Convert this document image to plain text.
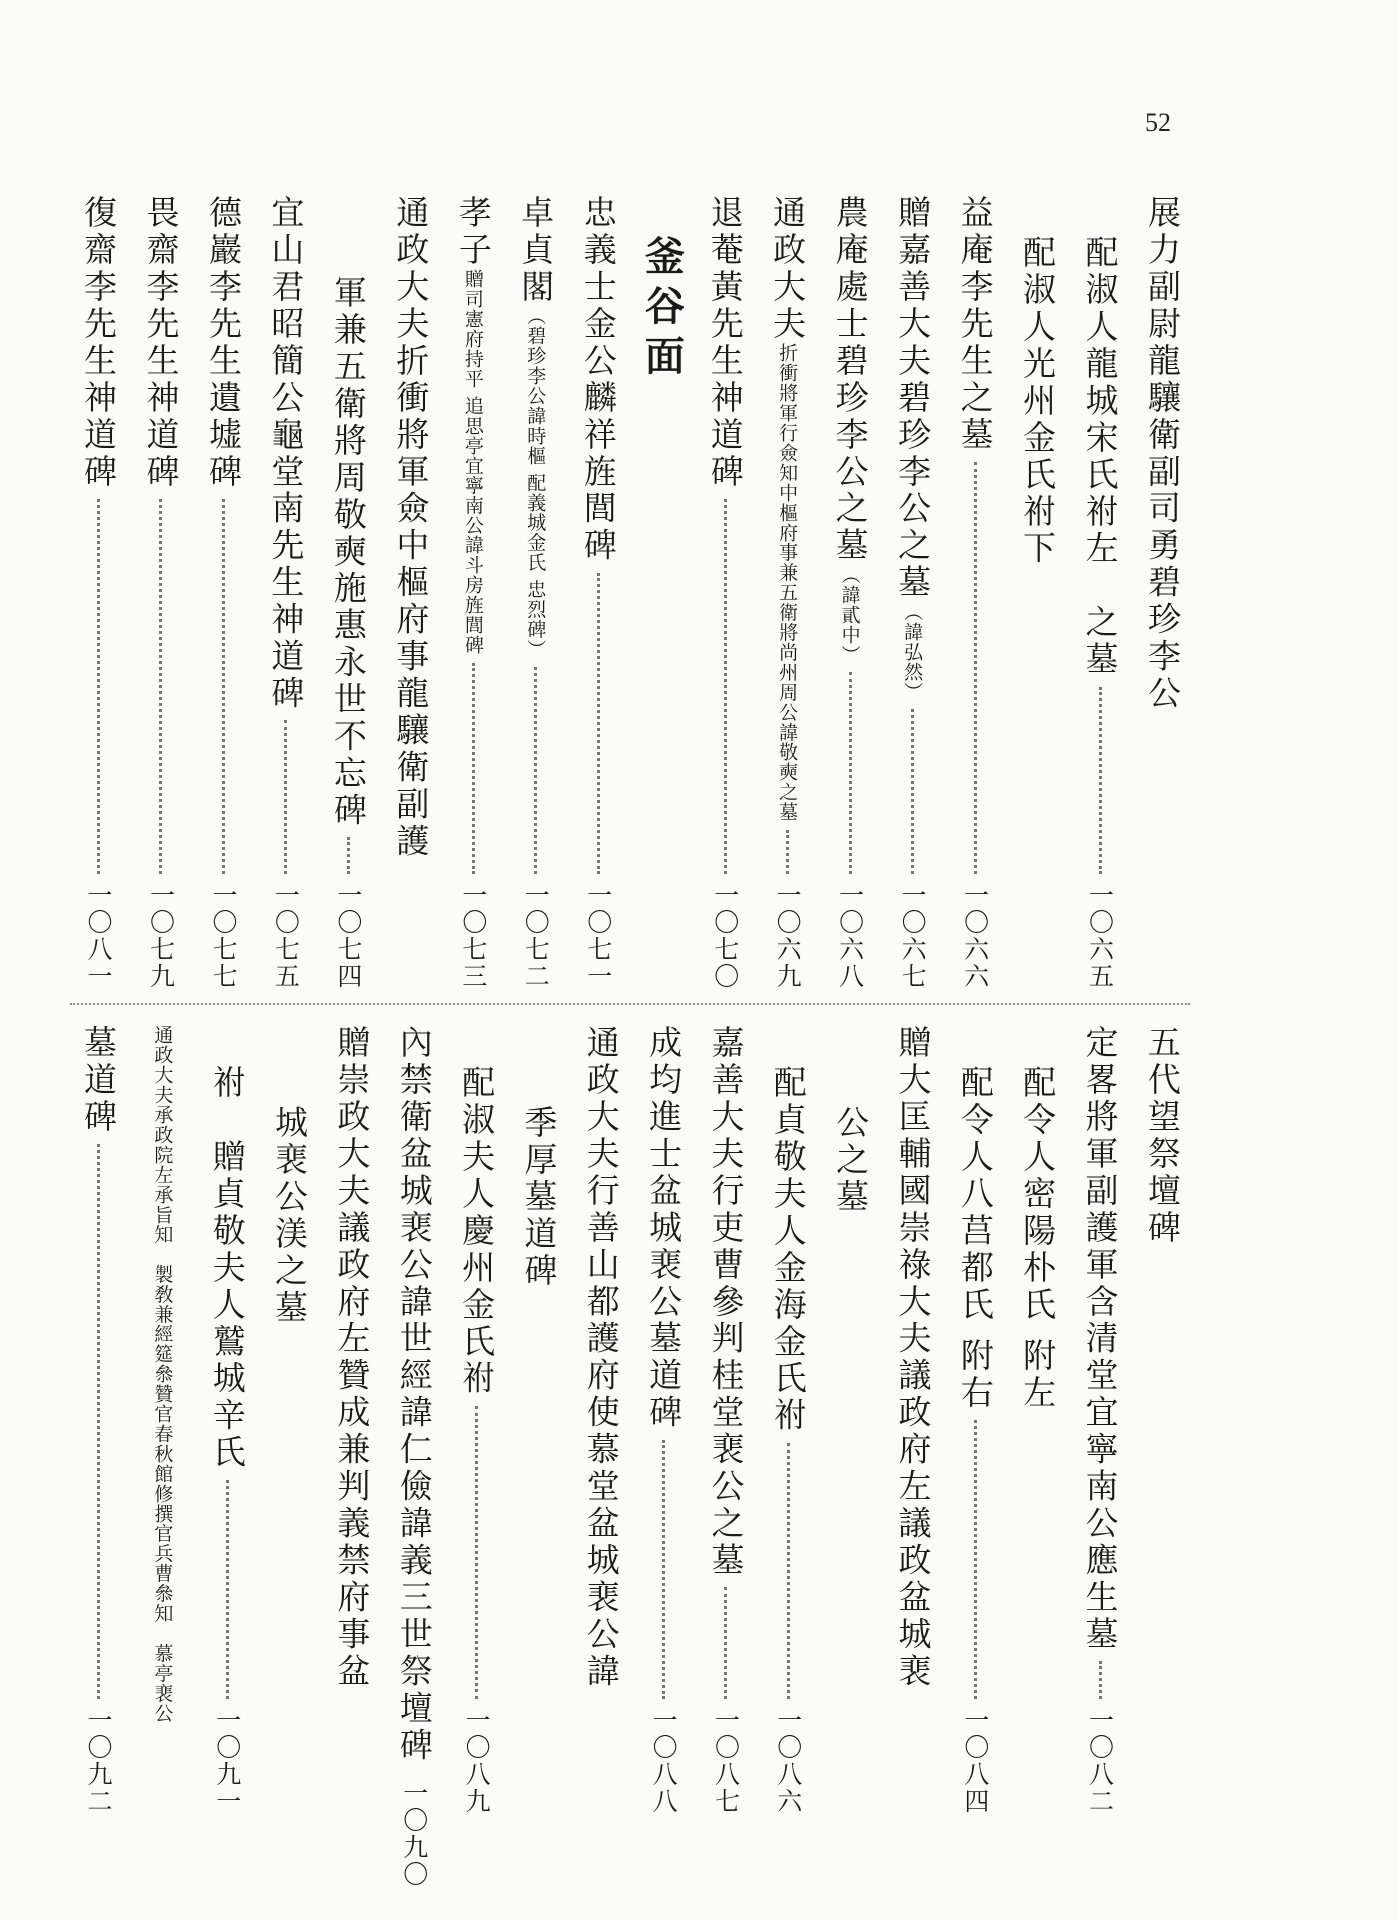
52
展力副尉龍驤衛副司勇碧珍李公
配淑人龍城宋氏祔左　之墓
一〇六五
配淑人光州金氏祔下
益庵李先生之墓
一〇六六
贈嘉善大夫碧珍李公之墓
（諱弘然）
一〇六七
農庵處士碧珍李公之墓
（諱貳中）
一〇六八
通政大夫
折衝將軍行僉知中樞府事兼五衛將尚州周公諱敬奭之墓
一〇六九
退菴黃先生神道碑
一〇七〇
釜谷面
忠義士金公麟祥旌閭碑
一〇七一
卓貞閣
（碧珍李公諱時樞 配義城金氏 忠烈碑）
一〇七二
孝子
贈司憲府持平 追思亭宜寧南公
諱斗房旌閭碑
一〇七三
通政大夫折衝將軍僉中樞府事龍驤衛副護
軍兼五衛將周敬奭施惠永世不忘碑
一〇七四
宜山君昭簡公龜堂南先生神道碑
一〇七五
德巖李先生遺墟碑
一〇七七
畏齋李先生神道碑
一〇七九
復齋李先生神道碑
一〇八一
五代望祭壇碑
定畧將軍副護軍含清堂宜寧南公應生墓
一〇八二
配令人密陽朴氏 附左
配令人八莒都氏 附右
一〇八四
贈大匡輔國崇祿大夫議政府左議政盆城裵
公之墓
配貞敬夫人金海金氏祔
一〇八六
嘉善大夫行吏曹參判桂堂裵公之墓
一〇八七
成均進士盆城裵公墓道碑
一〇八八
通政大夫行善山都護府使慕堂盆城裵公諱
季厚墓道碑
配淑夫人慶州金氏祔
一〇八九
內禁衛盆城裵公諱世經諱仁儉諱義三世祭壇碑
一〇九〇
贈崇政大夫議政府左贊成兼判義禁府事盆
城裵公渼之墓
祔　贈貞敬夫人鷲城辛氏
一〇九一
通政大夫承政院左承旨知　製敎兼
經筵叅贊官春秋館修撰官兵曹叅知　慕亭裵公
墓道碑
一〇九二
